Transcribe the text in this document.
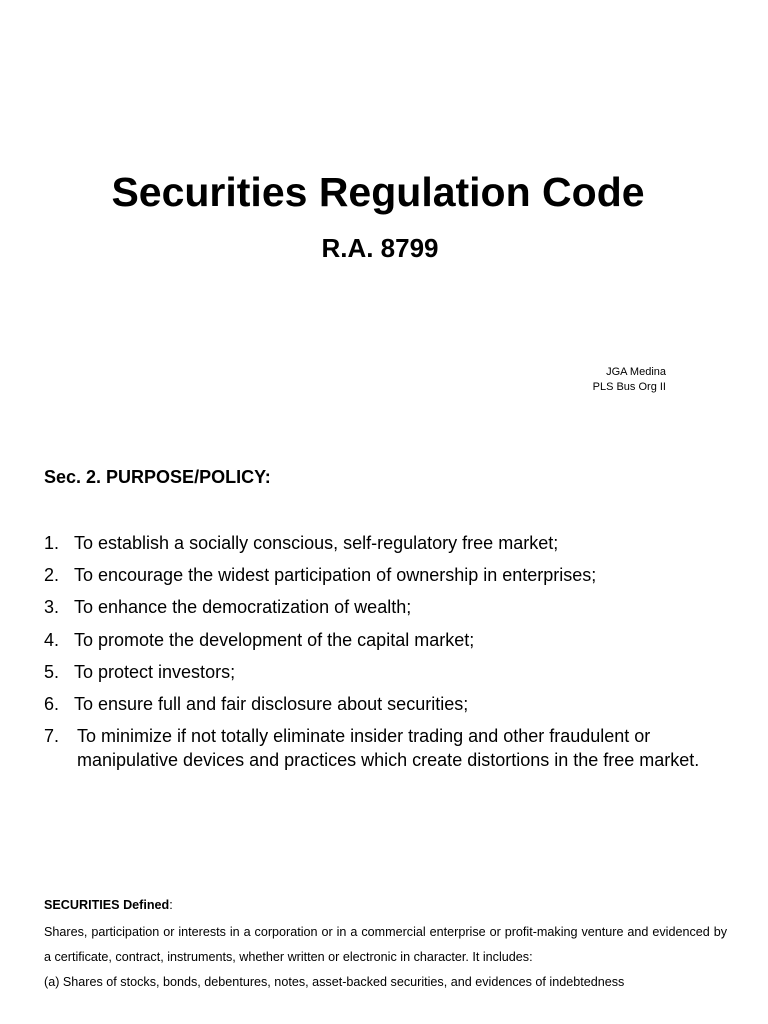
Securities Regulation Code
R.A. 8799
JGA Medina
PLS Bus Org II
Sec. 2. PURPOSE/POLICY:
1. To establish a socially conscious, self-regulatory free market;
2. To encourage the widest participation of ownership in enterprises;
3. To enhance the democratization of wealth;
4. To promote the development of the capital market;
5. To protect investors;
6. To ensure full and fair disclosure about securities;
7. To minimize if not totally eliminate insider trading and other fraudulent or manipulative devices and practices which create distortions in the free market.

SECURITIES Defined:

Shares, participation or interests in a corporation or in a commercial enterprise or profit-making venture and evidenced by a certificate, contract, instruments, whether written or electronic in character. It includes:

(a) Shares of stocks, bonds, debentures, notes, asset-backed securities, and evidences of indebtedness
